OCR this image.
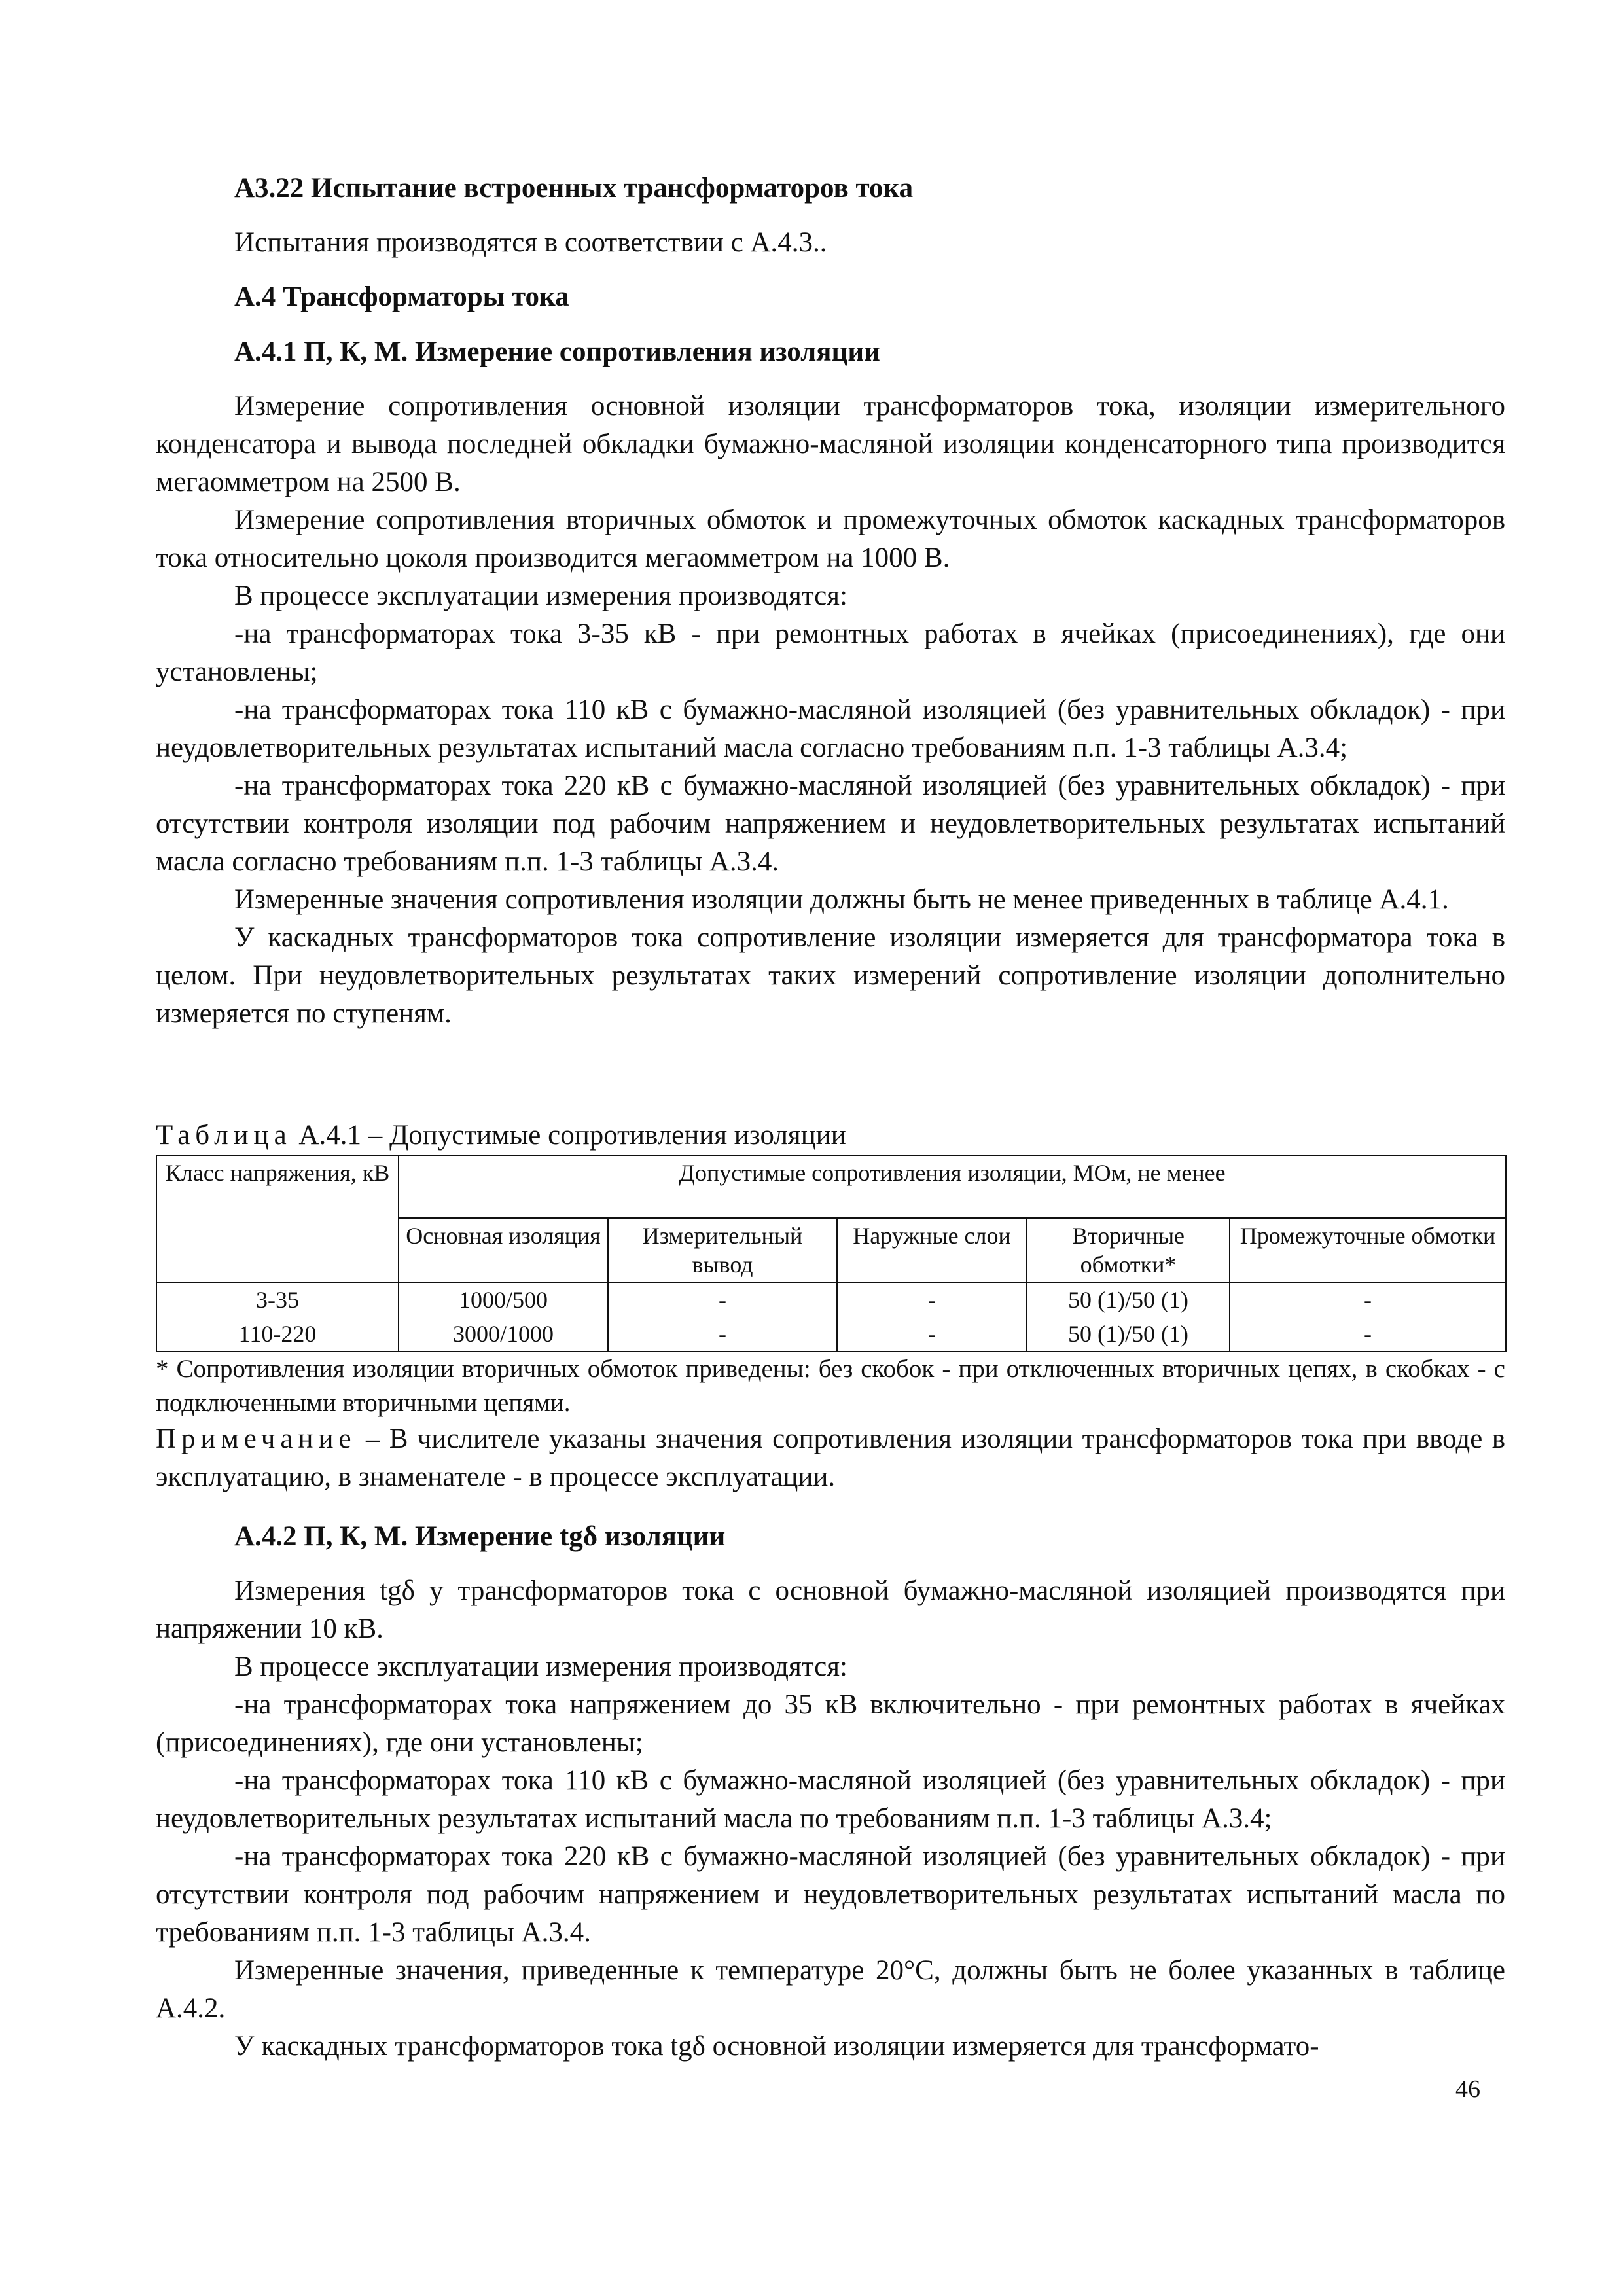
А3.22 Испытание встроенных трансформаторов тока

Испытания производятся в соответствии с А.4.3..

А.4 Трансформаторы тока

А.4.1 П, К, М. Измерение сопротивления изоляции

Измерение сопротивления основной изоляции трансформаторов тока, изоляции измерительного конденсатора и вывода последней обкладки бумажно-масляной изоляции конденсаторного типа производится мегаомметром на 2500 В.

Измерение сопротивления вторичных обмоток и промежуточных обмоток каскадных трансформаторов тока относительно цоколя производится мегаомметром на 1000 В.

В процессе эксплуатации измерения производятся:

-на трансформаторах тока 3-35 кВ - при ремонтных работах в ячейках (присоединениях), где они установлены;

-на трансформаторах тока 110 кВ с бумажно-масляной изоляцией (без уравнительных обкладок) - при неудовлетворительных результатах испытаний масла согласно требованиям п.п. 1-3 таблицы А.3.4;

-на трансформаторах тока 220 кВ с бумажно-масляной изоляцией (без уравнительных обкладок) - при отсутствии контроля изоляции под рабочим напряжением и неудовлетворительных результатах испытаний масла согласно требованиям п.п. 1-3 таблицы А.3.4.

Измеренные значения сопротивления изоляции должны быть не менее приведенных в таблице А.4.1.

У каскадных трансформаторов тока сопротивление изоляции измеряется для трансформатора тока в целом. При неудовлетворительных результатах таких измерений сопротивление изоляции дополнительно измеряется по ступеням.

Таблица А.4.1 – Допустимые сопротивления изоляции

Класс напряжения, кВ	Допустимые сопротивления изоляции, МОм, не менее				
	Основная изоляция	Измерительный вывод	Наружные слои	Вторичные обмотки*	Промежуточные обмотки
3-35	1000/500	-	-	50 (1)/50 (1)	-
110-220	3000/1000	-	-	50 (1)/50 (1)	-

* Сопротивления изоляции вторичных обмоток приведены: без скобок - при отключенных вторичных цепях, в скобках - с подключенными вторичными цепями.

Примечание – В числителе указаны значения сопротивления изоляции трансформаторов тока при вводе в эксплуатацию, в знаменателе - в процессе эксплуатации.

А.4.2 П, К, М. Измерение tgδ изоляции

Измерения tgδ у трансформаторов тока с основной бумажно-масляной изоляцией производятся при напряжении 10 кВ.

В процессе эксплуатации измерения производятся:

-на трансформаторах тока напряжением до 35 кВ включительно - при ремонтных работах в ячейках (присоединениях), где они установлены;

-на трансформаторах тока 110 кВ с бумажно-масляной изоляцией (без уравнительных обкладок) - при неудовлетворительных результатах испытаний масла по требованиям п.п. 1-3 таблицы А.3.4;

-на трансформаторах тока 220 кВ с бумажно-масляной изоляцией (без уравнительных обкладок) - при отсутствии контроля под рабочим напряжением и неудовлетворительных результатах испытаний масла по требованиям п.п. 1-3 таблицы А.3.4.

Измеренные значения, приведенные к температуре 20°С, должны быть не более указанных в таблице А.4.2.

У каскадных трансформаторов тока tgδ основной изоляции измеряется для трансформато-

46
